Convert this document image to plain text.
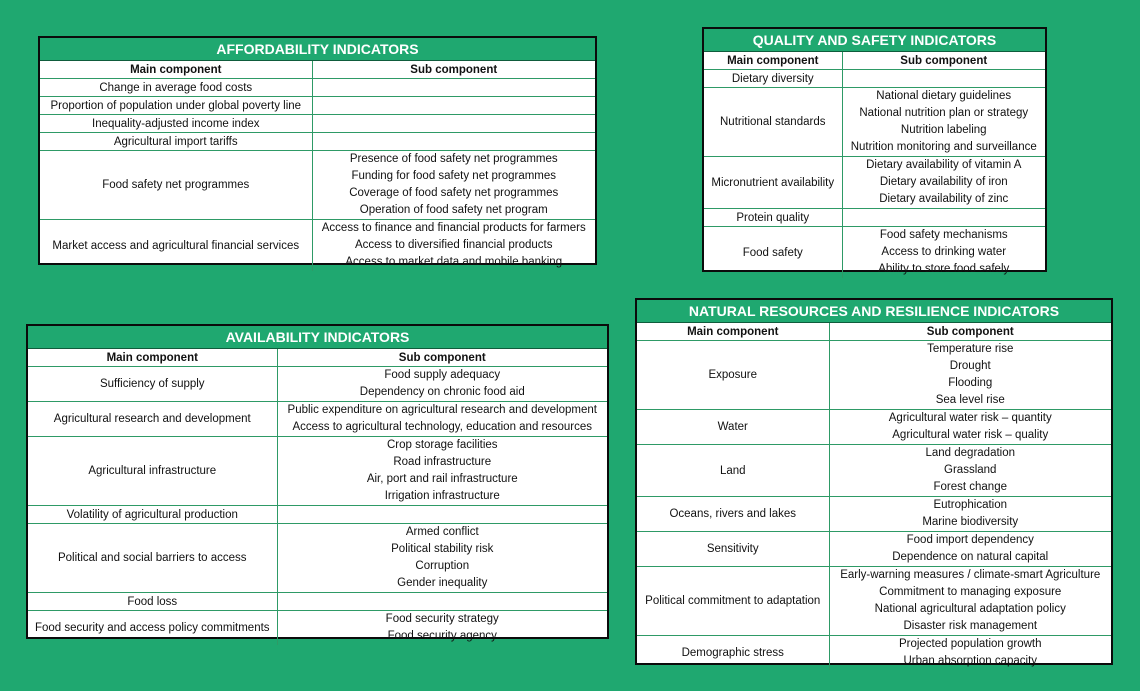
AFFORDABILITY INDICATORS
Main component	Sub component
Change in average food costs	

Proportion of population under global poverty line	

Inequality-adjusted income index	

Agricultural import tariffs	

Food safety net programmes	Presence of food safety net programmes
Funding for food safety net programmes
Coverage of food safety net programmes
Operation of food safety net program

Market access and agricultural financial services	Access to finance and financial products for farmers
Access to diversified financial products
Access to market data and mobile banking
QUALITY AND SAFETY INDICATORS
Main component	Sub component
Dietary diversity	

Nutritional standards	National dietary guidelines
National nutrition plan or strategy
Nutrition labeling
Nutrition monitoring and surveillance

Micronutrient availability	Dietary availability of vitamin A
Dietary availability of iron
Dietary availability of zinc

Protein quality	

Food safety	Food safety mechanisms
Access to drinking water
Ability to store food safely
AVAILABILITY INDICATORS
Main component	Sub component
Sufficiency of supply	Food supply adequacy
Dependency on chronic food aid

Agricultural research and development	Public expenditure on agricultural research and development
Access to agricultural technology, education and resources

Agricultural infrastructure	Crop storage facilities
Road infrastructure
Air, port and rail infrastructure
Irrigation infrastructure

Volatility of agricultural production	

Political and social barriers to access	Armed conflict
Political stability risk
Corruption
Gender inequality

Food loss	

Food security and access policy commitments	Food security strategy
Food security agency
NATURAL RESOURCES AND RESILIENCE INDICATORS
Main component	Sub component
Exposure	Temperature rise
Drought
Flooding
Sea level rise

Water	Agricultural water risk – quantity
Agricultural water risk – quality

Land	Land degradation
Grassland
Forest change

Oceans, rivers and lakes	Eutrophication
Marine biodiversity

Sensitivity	Food import dependency
Dependence on natural capital

Political commitment to adaptation	Early-warning measures / climate-smart Agriculture
Commitment to managing exposure
National agricultural adaptation policy
Disaster risk management

Demographic stress	Projected population growth
Urban absorption capacity
